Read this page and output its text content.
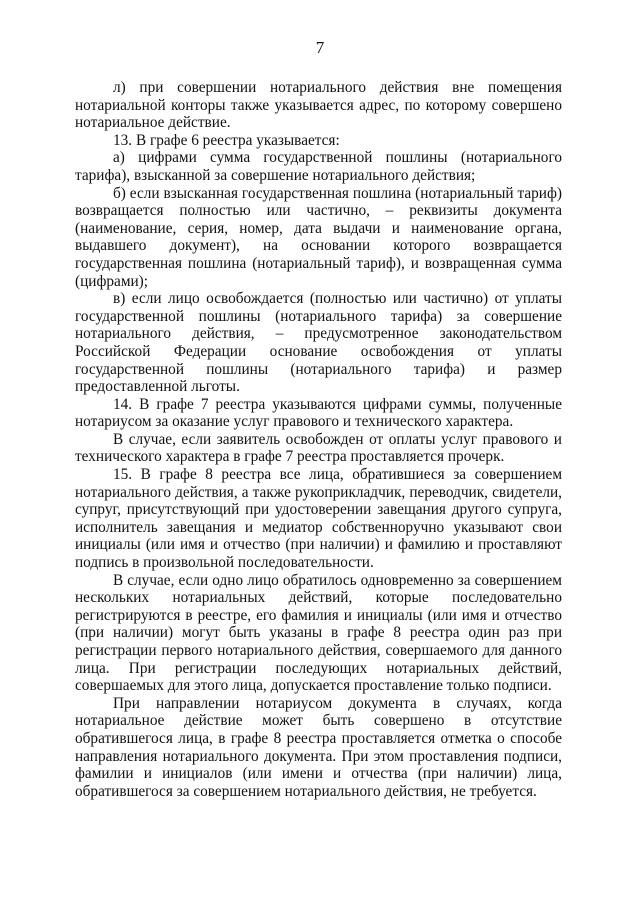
7

л) при совершении нотариального действия вне помещения нотариальной конторы также указывается адрес, по которому совершено нотариальное действие.

13. В графе 6 реестра указывается:

а) цифрами сумма государственной пошлины (нотариального тарифа), взысканной за совершение нотариального действия;

б) если взысканная государственная пошлина (нотариальный тариф) возвращается полностью или частично, – реквизиты документа (наименование, серия, номер, дата выдачи и наименование органа, выдавшего документ), на основании которого возвращается государственная пошлина (нотариальный тариф), и возвращенная сумма (цифрами);

в) если лицо освобождается (полностью или частично) от уплаты государственной пошлины (нотариального тарифа) за совершение нотариального действия, – предусмотренное законодательством Российской Федерации основание освобождения от уплаты государственной пошлины (нотариального тарифа) и размер предоставленной льготы.

14. В графе 7 реестра указываются цифрами суммы, полученные нотариусом за оказание услуг правового и технического характера.

В случае, если заявитель освобожден от оплаты услуг правового и технического характера в графе 7 реестра проставляется прочерк.

15. В графе 8 реестра все лица, обратившиеся за совершением нотариального действия, а также рукоприкладчик, переводчик, свидетели, супруг, присутствующий при удостоверении завещания другого супруга, исполнитель завещания и медиатор собственноручно указывают свои инициалы (или имя и отчество (при наличии) и фамилию и проставляют подпись в произвольной последовательности.

В случае, если одно лицо обратилось одновременно за совершением нескольких нотариальных действий, которые последовательно регистрируются в реестре, его фамилия и инициалы (или имя и отчество (при наличии) могут быть указаны в графе 8 реестра один раз при регистрации первого нотариального действия, совершаемого для данного лица. При регистрации последующих нотариальных действий, совершаемых для этого лица, допускается проставление только подписи.

При направлении нотариусом документа в случаях, когда нотариальное действие может быть совершено в отсутствие обратившегося лица, в графе 8 реестра проставляется отметка о способе направления нотариального документа. При этом проставления подписи, фамилии и инициалов (или имени и отчества (при наличии) лица, обратившегося за совершением нотариального действия, не требуется.
